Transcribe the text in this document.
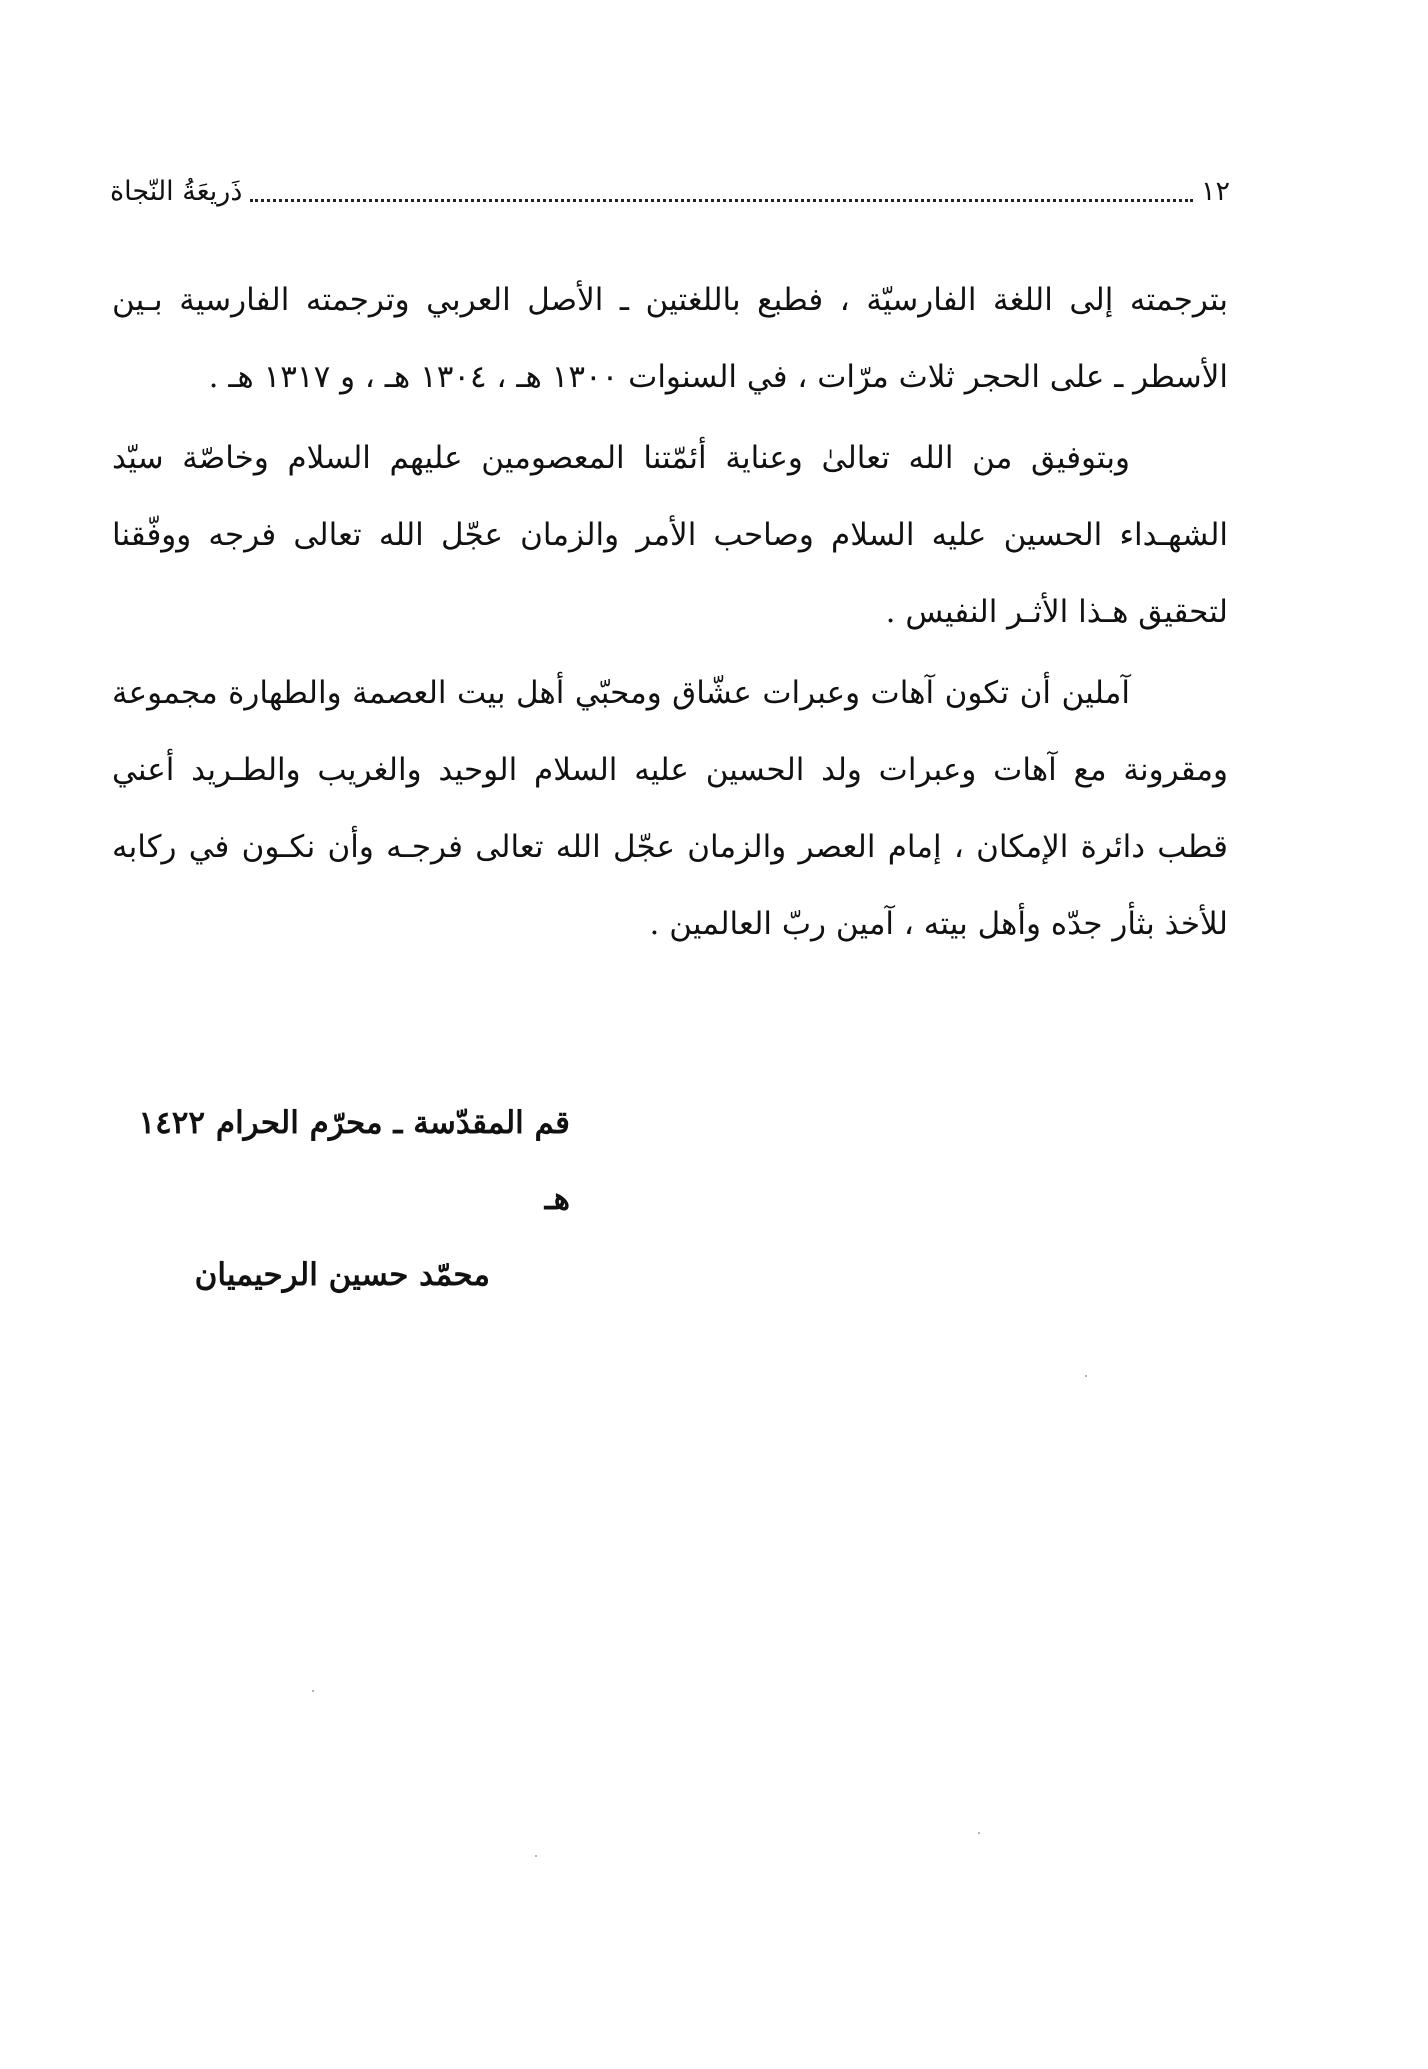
١٢
ذَريعَةُ النّجاة

بترجمته إلى اللغة الفارسيّة ، فطبع باللغتين ـ الأصل العربي وترجمته الفارسية بـين الأسطر ـ على الحجر ثلاث مرّات ، في السنوات ١٣٠٠ هـ ، ١٣٠٤ هـ ، و ١٣١٧ هـ .

وبتوفيق من الله تعالىٰ وعناية أئمّتنا المعصومين عليهم السلام وخاصّة سيّد الشهـداء الحسين عليه السلام وصاحب الأمر والزمان عجّل الله تعالى فرجه ووفّقنا لتحقيق هـذا الأثـر النفيس .

آملين أن تكون آهات وعبرات عشّاق ومحبّي أهل بيت العصمة والطهارة مجموعة ومقرونة مع آهات وعبرات ولد الحسين عليه السلام الوحيد والغريب والطـريد أعني قطب دائرة الإمكان ، إمام العصر والزمان عجّل الله تعالى فرجـه وأن نكـون في ركابه للأخذ بثأر جدّه وأهل بيته ، آمين ربّ العالمين .

قم المقدّسة ـ محرّم الحرام ١٤٢٢ هـ
محمّد حسين الرحيميان
